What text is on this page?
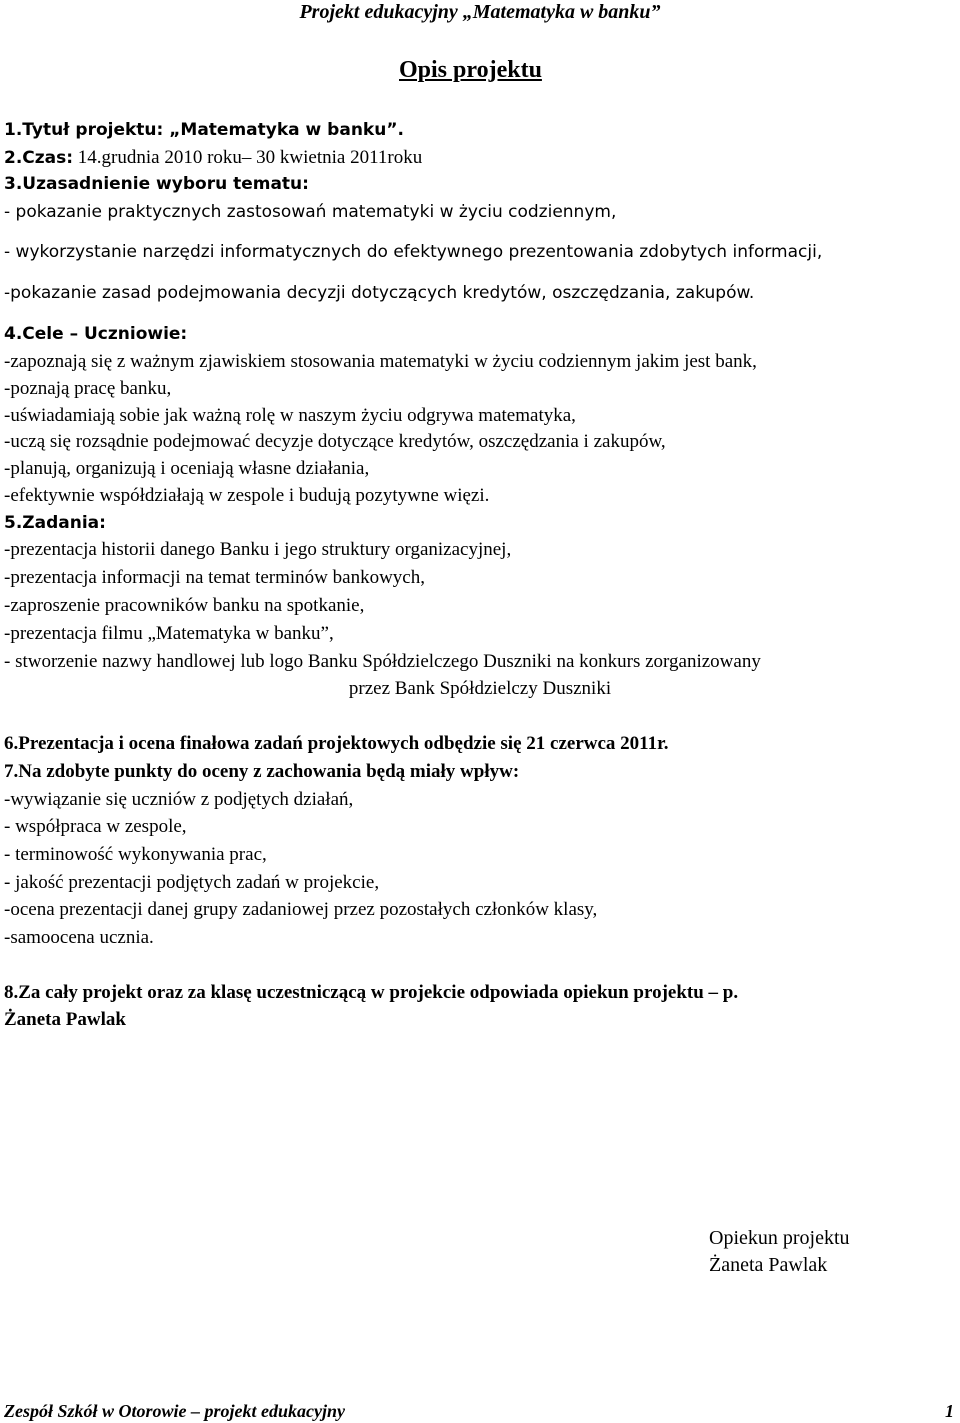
Projekt edukacyjny „Matematyka w banku”
Opis projektu
1.Tytuł projektu: „Matematyka w banku”.
2.Czas: 14.grudnia 2010 roku– 30 kwietnia 2011roku
3.Uzasadnienie wyboru tematu:
- pokazanie praktycznych zastosowań matematyki w życiu codziennym,
- wykorzystanie narzędzi informatycznych do efektywnego prezentowania zdobytych informacji,
-pokazanie zasad podejmowania decyzji dotyczących kredytów, oszczędzania, zakupów.
4.Cele – Uczniowie:
-zapoznają się z ważnym zjawiskiem stosowania matematyki w życiu codziennym jakim jest bank,
-poznają pracę banku,
-uświadamiają sobie jak ważną rolę w naszym życiu odgrywa matematyka,
-uczą się rozsądnie podejmować decyzje dotyczące kredytów, oszczędzania i zakupów,
-planują, organizują i oceniają własne działania,
-efektywnie współdziałają w zespole i budują pozytywne więzi.
5.Zadania:
-prezentacja historii danego Banku i jego struktury organizacyjnej,
-prezentacja informacji na temat terminów bankowych,
-zaproszenie pracowników banku na spotkanie,
-prezentacja filmu „Matematyka w banku”,
- stworzenie nazwy handlowej lub logo Banku Spółdzielczego Duszniki na konkurs zorganizowany
przez Bank Spółdzielczy Duszniki
6.Prezentacja i ocena finałowa zadań projektowych odbędzie się 21 czerwca 2011r.
7.Na zdobyte punkty do oceny z zachowania będą miały wpływ:
-wywiązanie się uczniów z podjętych działań,
- współpraca w zespole,
- terminowość wykonywania prac,
- jakość prezentacji podjętych zadań w projekcie,
-ocena prezentacji danej grupy zadaniowej przez pozostałych członków klasy,
-samoocena ucznia.
8.Za cały projekt oraz za klasę uczestniczącą w projekcie odpowiada opiekun projektu – p.
Żaneta Pawlak
Opiekun projektu
Żaneta Pawlak
Zespół Szkół w Otorowie – projekt edukacyjny	1
